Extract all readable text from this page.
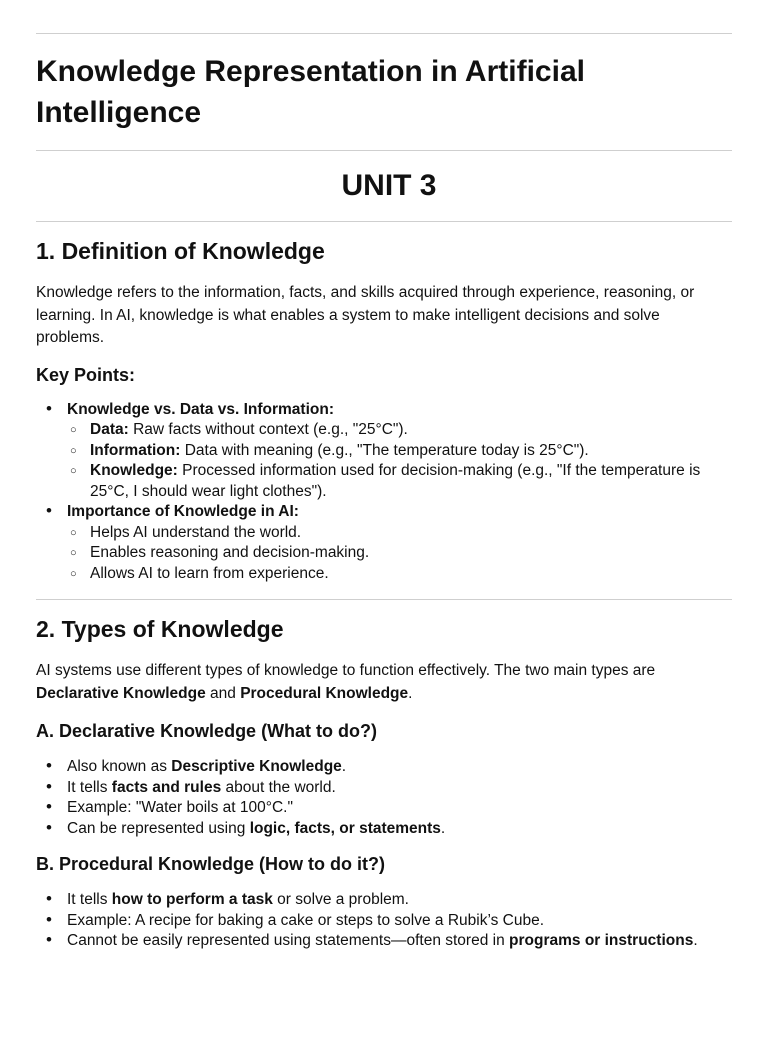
Knowledge Representation in Artificial Intelligence
UNIT 3
1. Definition of Knowledge

Knowledge refers to the information, facts, and skills acquired through experience, reasoning, or learning. In AI, knowledge is what enables a system to make intelligent decisions and solve problems.

Key Points:
• Knowledge vs. Data vs. Information:
○ Data: Raw facts without context (e.g., "25°C").
○ Information: Data with meaning (e.g., "The temperature today is 25°C").
○ Knowledge: Processed information used for decision-making (e.g., "If the temperature is 25°C, I should wear light clothes").
• Importance of Knowledge in AI:
○ Helps AI understand the world.
○ Enables reasoning and decision-making.
○ Allows AI to learn from experience.
2. Types of Knowledge

AI systems use different types of knowledge to function effectively. The two main types are Declarative Knowledge and Procedural Knowledge.

A. Declarative Knowledge (What to do?)
• Also known as Descriptive Knowledge.
• It tells facts and rules about the world.
• Example: "Water boils at 100°C."
• Can be represented using logic, facts, or statements.
B. Procedural Knowledge (How to do it?)
• It tells how to perform a task or solve a problem.
• Example: A recipe for baking a cake or steps to solve a Rubik’s Cube.
• Cannot be easily represented using statements—often stored in programs or instructions.
